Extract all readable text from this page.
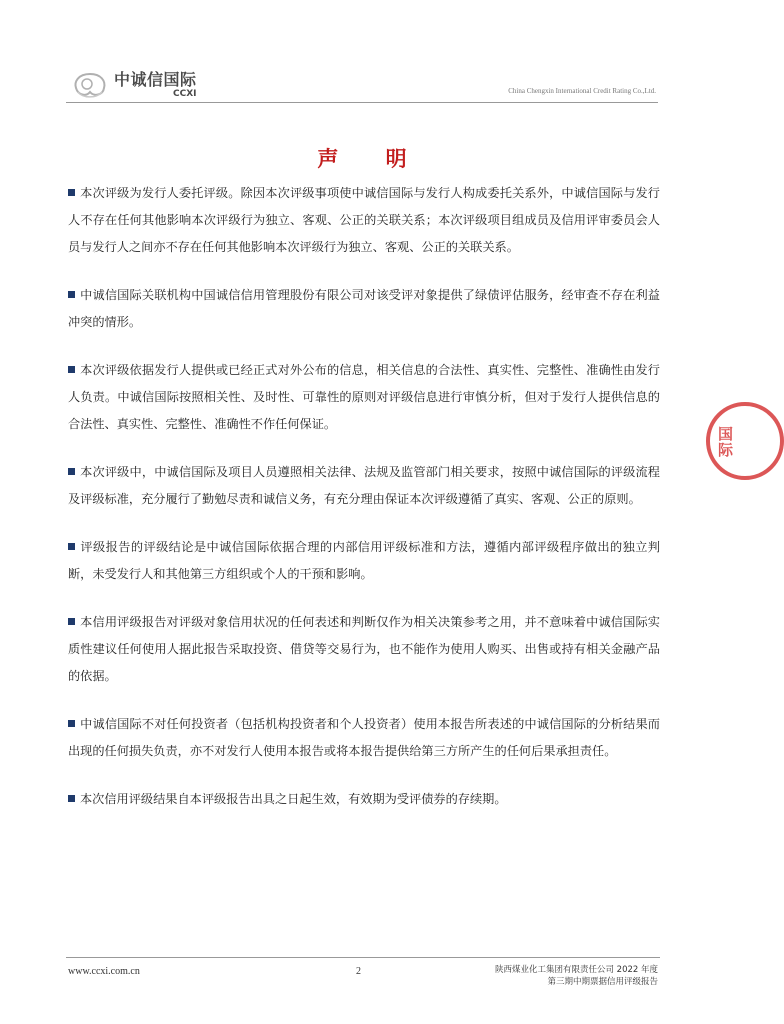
中诚信国际
CCXI	China Chengxin International Credit Rating Co.,Ltd.
声 明

本次评级为发行人委托评级。除因本次评级事项使中诚信国际与发行人构成委托关系外，中诚信国际与发行人不存在任何其他影响本次评级行为独立、客观、公正的关联关系；本次评级项目组成员及信用评审委员会人员与发行人之间亦不存在任何其他影响本次评级行为独立、客观、公正的关联关系。

中诚信国际关联机构中国诚信信用管理股份有限公司对该受评对象提供了绿债评估服务，经审查不存在利益冲突的情形。

本次评级依据发行人提供或已经正式对外公布的信息，相关信息的合法性、真实性、完整性、准确性由发行人负责。中诚信国际按照相关性、及时性、可靠性的原则对评级信息进行审慎分析，但对于发行人提供信息的合法性、真实性、完整性、准确性不作任何保证。

本次评级中，中诚信国际及项目人员遵照相关法律、法规及监管部门相关要求，按照中诚信国际的评级流程及评级标准，充分履行了勤勉尽责和诚信义务，有充分理由保证本次评级遵循了真实、客观、公正的原则。

评级报告的评级结论是中诚信国际依据合理的内部信用评级标准和方法，遵循内部评级程序做出的独立判断，未受发行人和其他第三方组织或个人的干预和影响。

本信用评级报告对评级对象信用状况的任何表述和判断仅作为相关决策参考之用，并不意味着中诚信国际实质性建议任何使用人据此报告采取投资、借贷等交易行为，也不能作为使用人购买、出售或持有相关金融产品的依据。

中诚信国际不对任何投资者（包括机构投资者和个人投资者）使用本报告所表述的中诚信国际的分析结果而出现的任何损失负责，亦不对发行人使用本报告或将本报告提供给第三方所产生的任何后果承担责任。

本次信用评级结果自本评级报告出具之日起生效，有效期为受评债券的存续期。

国
际
www.ccxi.com.cn	2	陕西煤业化工集团有限责任公司 2022 年度
第三期中期票据信用评级报告
